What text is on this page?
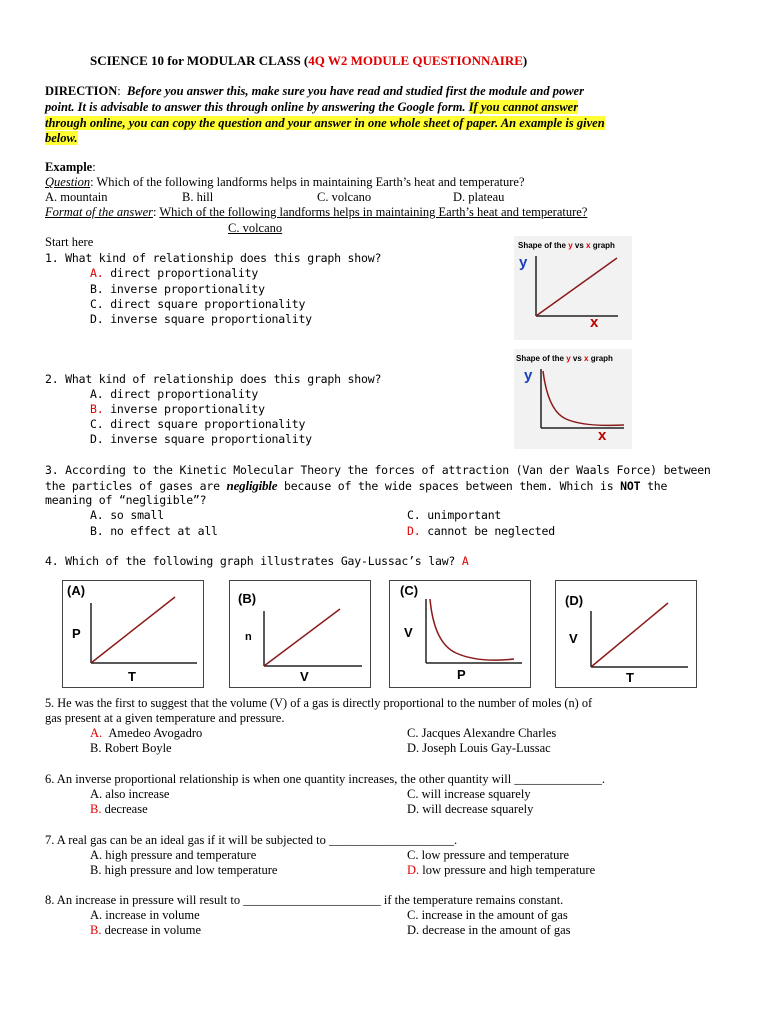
SCIENCE 10 for MODULAR CLASS (4Q W2 MODULE QUESTIONNAIRE)
DIRECTION: Before you answer this, make sure you have read and studied first the module and power
point. It is advisable to answer this through online by answering the Google form. If you cannot answer
through online, you can copy the question and your answer in one whole sheet of paper. An example is given
below.
Example:
Question: Which of the following landforms helps in maintaining Earth’s heat and temperature?
A. mountain	B. hill	C. volcano	D. plateau
Format of the answer: Which of the following landforms helps in maintaining Earth’s heat and temperature?
C. volcano
Start here
1. What kind of relationship does this graph show?
A. direct proportionality
B. inverse proportionality
C. direct square proportionality
D. inverse square proportionality
Shape of the y vs x graph
y
x
Shape of the y vs x graph
y
x
2. What kind of relationship does this graph show?
A. direct proportionality
B. inverse proportionality
C. direct square proportionality
D. inverse square proportionality
3. According to the Kinetic Molecular Theory the forces of attraction (Van der Waals Force) between
the particles of gases are negligible because of the wide spaces between them. Which is NOT the
meaning of “negligible”?
A. so small	C. unimportant
B. no effect at all	D. cannot be neglected
4. Which of the following graph illustrates Gay-Lussac’s law? A
(A)
P
T
(B)
n
V
(C)
V
P
(D)
V
T
5. He was the first to suggest that the volume (V) of a gas is directly proportional to the number of moles (n) of
gas present at a given temperature and pressure.
A. Amedeo Avogadro	C. Jacques Alexandre Charles
B. Robert Boyle	D. Joseph Louis Gay-Lussac
6. An inverse proportional relationship is when one quantity increases, the other quantity will ______________.
A. also increase	C. will increase squarely
B. decrease	D. will decrease squarely
7. A real gas can be an ideal gas if it will be subjected to ____________________.
A. high pressure and temperature	C. low pressure and temperature
B. high pressure and low temperature	D. low pressure and high temperature
8. An increase in pressure will result to ______________________ if the temperature remains constant.
A. increase in volume	C. increase in the amount of gas
B. decrease in volume	D. decrease in the amount of gas
